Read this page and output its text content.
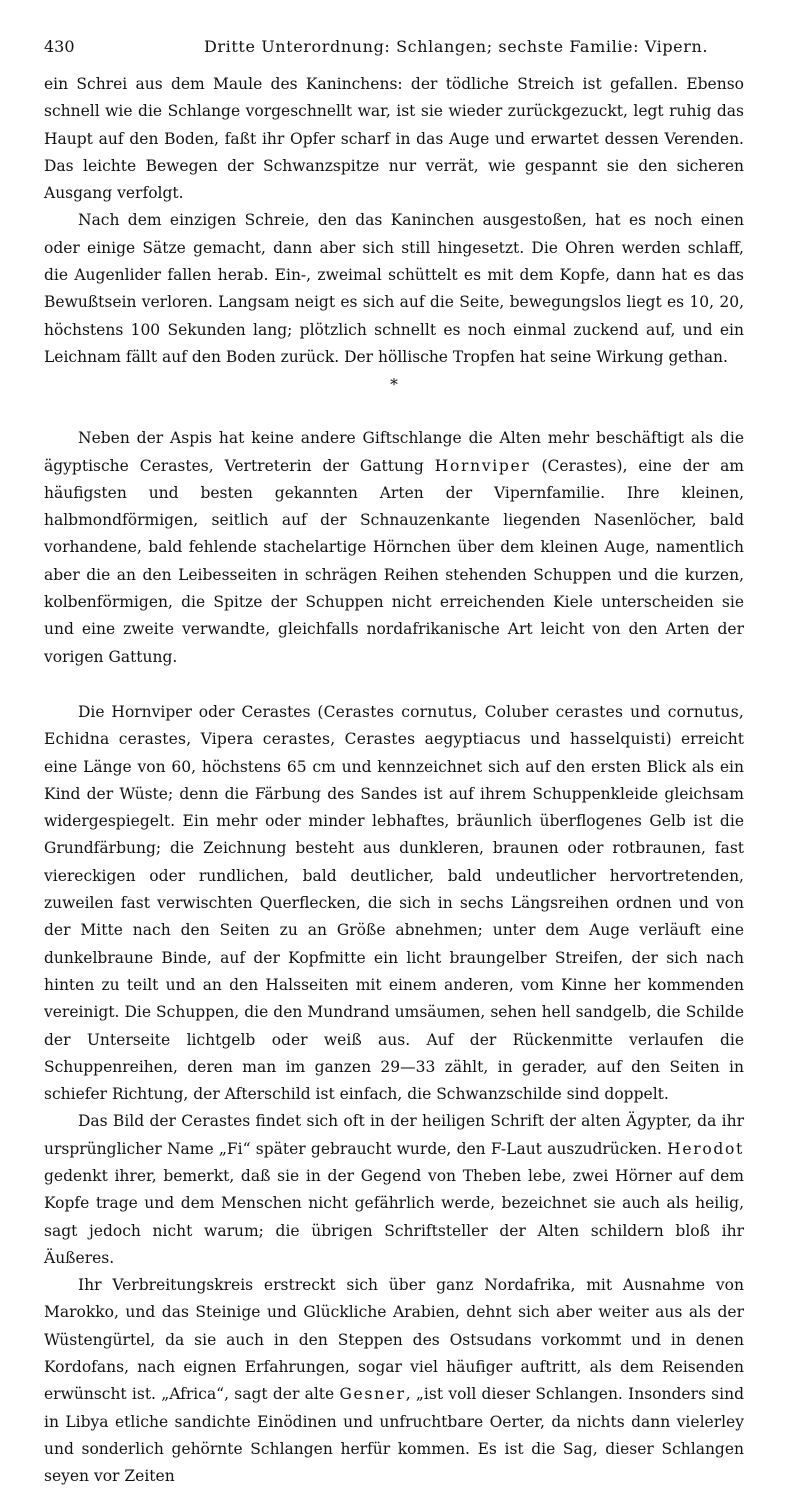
430	Dritte Unterordnung: Schlangen; sechste Familie: Vipern.

ein Schrei aus dem Maule des Kaninchens: der tödliche Streich ist gefallen. Ebenso schnell wie die Schlange vorgeschnellt war, ist sie wieder zurückgezuckt, legt ruhig das Haupt auf den Boden, faßt ihr Opfer scharf in das Auge und erwartet dessen Verenden. Das leichte Bewegen der Schwanzspitze nur verrät, wie gespannt sie den sicheren Ausgang verfolgt.

Nach dem einzigen Schreie, den das Kaninchen ausgestoßen, hat es noch einen oder einige Sätze gemacht, dann aber sich still hingesetzt. Die Ohren werden schlaff, die Augenlider fallen herab. Ein-, zweimal schüttelt es mit dem Kopfe, dann hat es das Bewußtsein verloren. Langsam neigt es sich auf die Seite, bewegungslos liegt es 10, 20, höchstens 100 Sekunden lang; plötzlich schnellt es noch einmal zuckend auf, und ein Leichnam fällt auf den Boden zurück. Der höllische Tropfen hat seine Wirkung gethan.

*

Neben der Aspis hat keine andere Giftschlange die Alten mehr beschäftigt als die ägyptische Cerastes, Vertreterin der Gattung Hornviper (Cerastes), eine der am häufigsten und besten gekannten Arten der Vipernfamilie. Ihre kleinen, halbmondförmigen, seitlich auf der Schnauzenkante liegenden Nasenlöcher, bald vorhandene, bald fehlende stachelartige Hörnchen über dem kleinen Auge, namentlich aber die an den Leibesseiten in schrägen Reihen stehenden Schuppen und die kurzen, kolbenförmigen, die Spitze der Schuppen nicht erreichenden Kiele unterscheiden sie und eine zweite verwandte, gleichfalls nordafrikanische Art leicht von den Arten der vorigen Gattung.

Die Hornviper oder Cerastes (Cerastes cornutus, Coluber cerastes und cornutus, Echidna cerastes, Vipera cerastes, Cerastes aegyptiacus und hasselquisti) erreicht eine Länge von 60, höchstens 65 cm und kennzeichnet sich auf den ersten Blick als ein Kind der Wüste; denn die Färbung des Sandes ist auf ihrem Schuppenkleide gleichsam widergespiegelt. Ein mehr oder minder lebhaftes, bräunlich überflogenes Gelb ist die Grundfärbung; die Zeichnung besteht aus dunkleren, braunen oder rotbraunen, fast viereckigen oder rundlichen, bald deutlicher, bald undeutlicher hervortretenden, zuweilen fast verwischten Querflecken, die sich in sechs Längsreihen ordnen und von der Mitte nach den Seiten zu an Größe abnehmen; unter dem Auge verläuft eine dunkelbraune Binde, auf der Kopfmitte ein licht braungelber Streifen, der sich nach hinten zu teilt und an den Halsseiten mit einem anderen, vom Kinne her kommenden vereinigt. Die Schuppen, die den Mundrand umsäumen, sehen hell sandgelb, die Schilde der Unterseite lichtgelb oder weiß aus. Auf der Rückenmitte verlaufen die Schuppenreihen, deren man im ganzen 29—33 zählt, in gerader, auf den Seiten in schiefer Richtung, der Afterschild ist einfach, die Schwanzschilde sind doppelt.

Das Bild der Cerastes findet sich oft in der heiligen Schrift der alten Ägypter, da ihr ursprünglicher Name „Fi“ später gebraucht wurde, den F-Laut auszudrücken. Herodot gedenkt ihrer, bemerkt, daß sie in der Gegend von Theben lebe, zwei Hörner auf dem Kopfe trage und dem Menschen nicht gefährlich werde, bezeichnet sie auch als heilig, sagt jedoch nicht warum; die übrigen Schriftsteller der Alten schildern bloß ihr Äußeres.

Ihr Verbreitungskreis erstreckt sich über ganz Nordafrika, mit Ausnahme von Marokko, und das Steinige und Glückliche Arabien, dehnt sich aber weiter aus als der Wüstengürtel, da sie auch in den Steppen des Ostsudans vorkommt und in denen Kordofans, nach eignen Erfahrungen, sogar viel häufiger auftritt, als dem Reisenden erwünscht ist. „Africa“, sagt der alte Gesner, „ist voll dieser Schlangen. Insonders sind in Libya etliche sandichte Einödinen und unfruchtbare Oerter, da nichts dann vielerley und sonderlich gehörnte Schlangen herfür kommen. Es ist die Sag, dieser Schlangen seyen vor Zeiten
